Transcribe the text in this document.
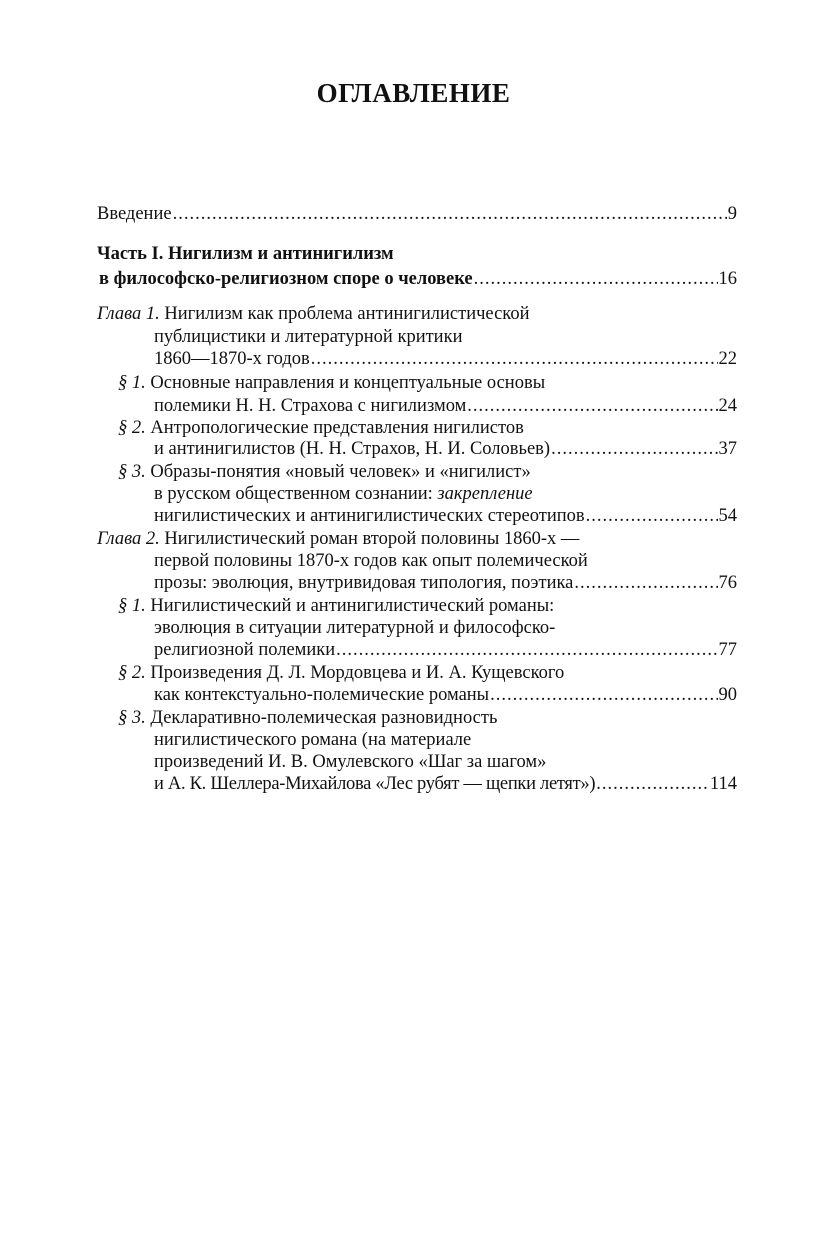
ОГЛАВЛЕНИЕ
Введение .....	9
Часть I. Нигилизм и антинигилизм
в философско-религиозном споре о человеке .....	16
Глава 1. Нигилизм как проблема антинигилистической
публицистики и литературной критики
1860—1870-х годов .....	22
§ 1. Основные направления и концептуальные основы
полемики Н. Н. Страхова с нигилизмом .....	24
§ 2. Антропологические представления нигилистов
и антинигилистов (Н. Н. Страхов, Н. И. Соловьев) .....	37
§ 3. Образы-понятия «новый человек» и «нигилист»
в русском общественном сознании: закрепление
нигилистических и антинигилистических стереотипов .....	54
Глава 2. Нигилистический роман второй половины 1860-х —
первой половины 1870-х годов как опыт полемической
прозы: эволюция, внутривидовая типология, поэтика .....	76
§ 1. Нигилистический и антинигилистический романы:
эволюция в ситуации литературной и философско-
религиозной полемики .....	77
§ 2. Произведения Д. Л. Мордовцева и И. А. Кущевского
как контекстуально-полемические романы .....	90
§ 3. Декларативно-полемическая разновидность
нигилистического романа (на материале
произведений И. В. Омулевского «Шаг за шагом»
и А. К. Шеллера-Михайлова «Лес рубят — щепки летят») .....	114
